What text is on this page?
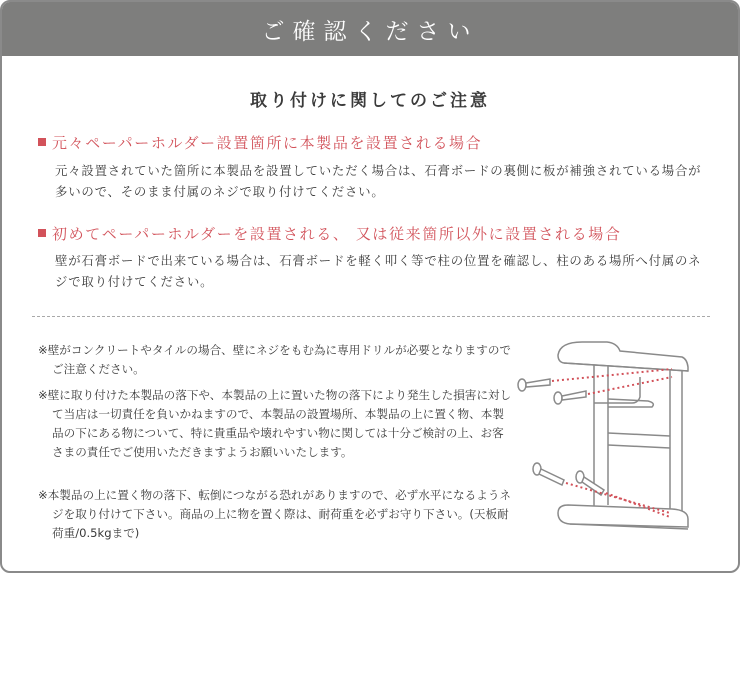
ご確認ください
取り付けに関してのご注意
元々ペーパーホルダー設置箇所に本製品を設置される場合
元々設置されていた箇所に本製品を設置していただく場合は、石膏ボードの裏側に板が補強されている場合が多いので、そのまま付属のネジで取り付けてください。
初めてペーパーホルダーを設置される、 又は従来箇所以外に設置される場合
壁が石膏ボードで出来ている場合は、石膏ボードを軽く叩く等で柱の位置を確認し、柱のある場所へ付属のネジで取り付けてください。
※壁がコンクリートやタイルの場合、壁にネジをもむ為に専用ドリルが必要となりますのでご注意ください。
※壁に取り付けた本製品の落下や、本製品の上に置いた物の落下により発生した損害に対して当店は一切責任を負いかねますので、本製品の設置場所、本製品の上に置く物、本製品の下にある物について、特に貴重品や壊れやすい物に関しては十分ご検討の上、お客さまの責任でご使用いただきますようお願いいたします。
※本製品の上に置く物の落下、転倒につながる恐れがありますので、必ず水平になるようネジを取り付けて下さい。商品の上に物を置く際は、耐荷重を必ずお守り下さい。(天板耐荷重/0.5kgまで)
